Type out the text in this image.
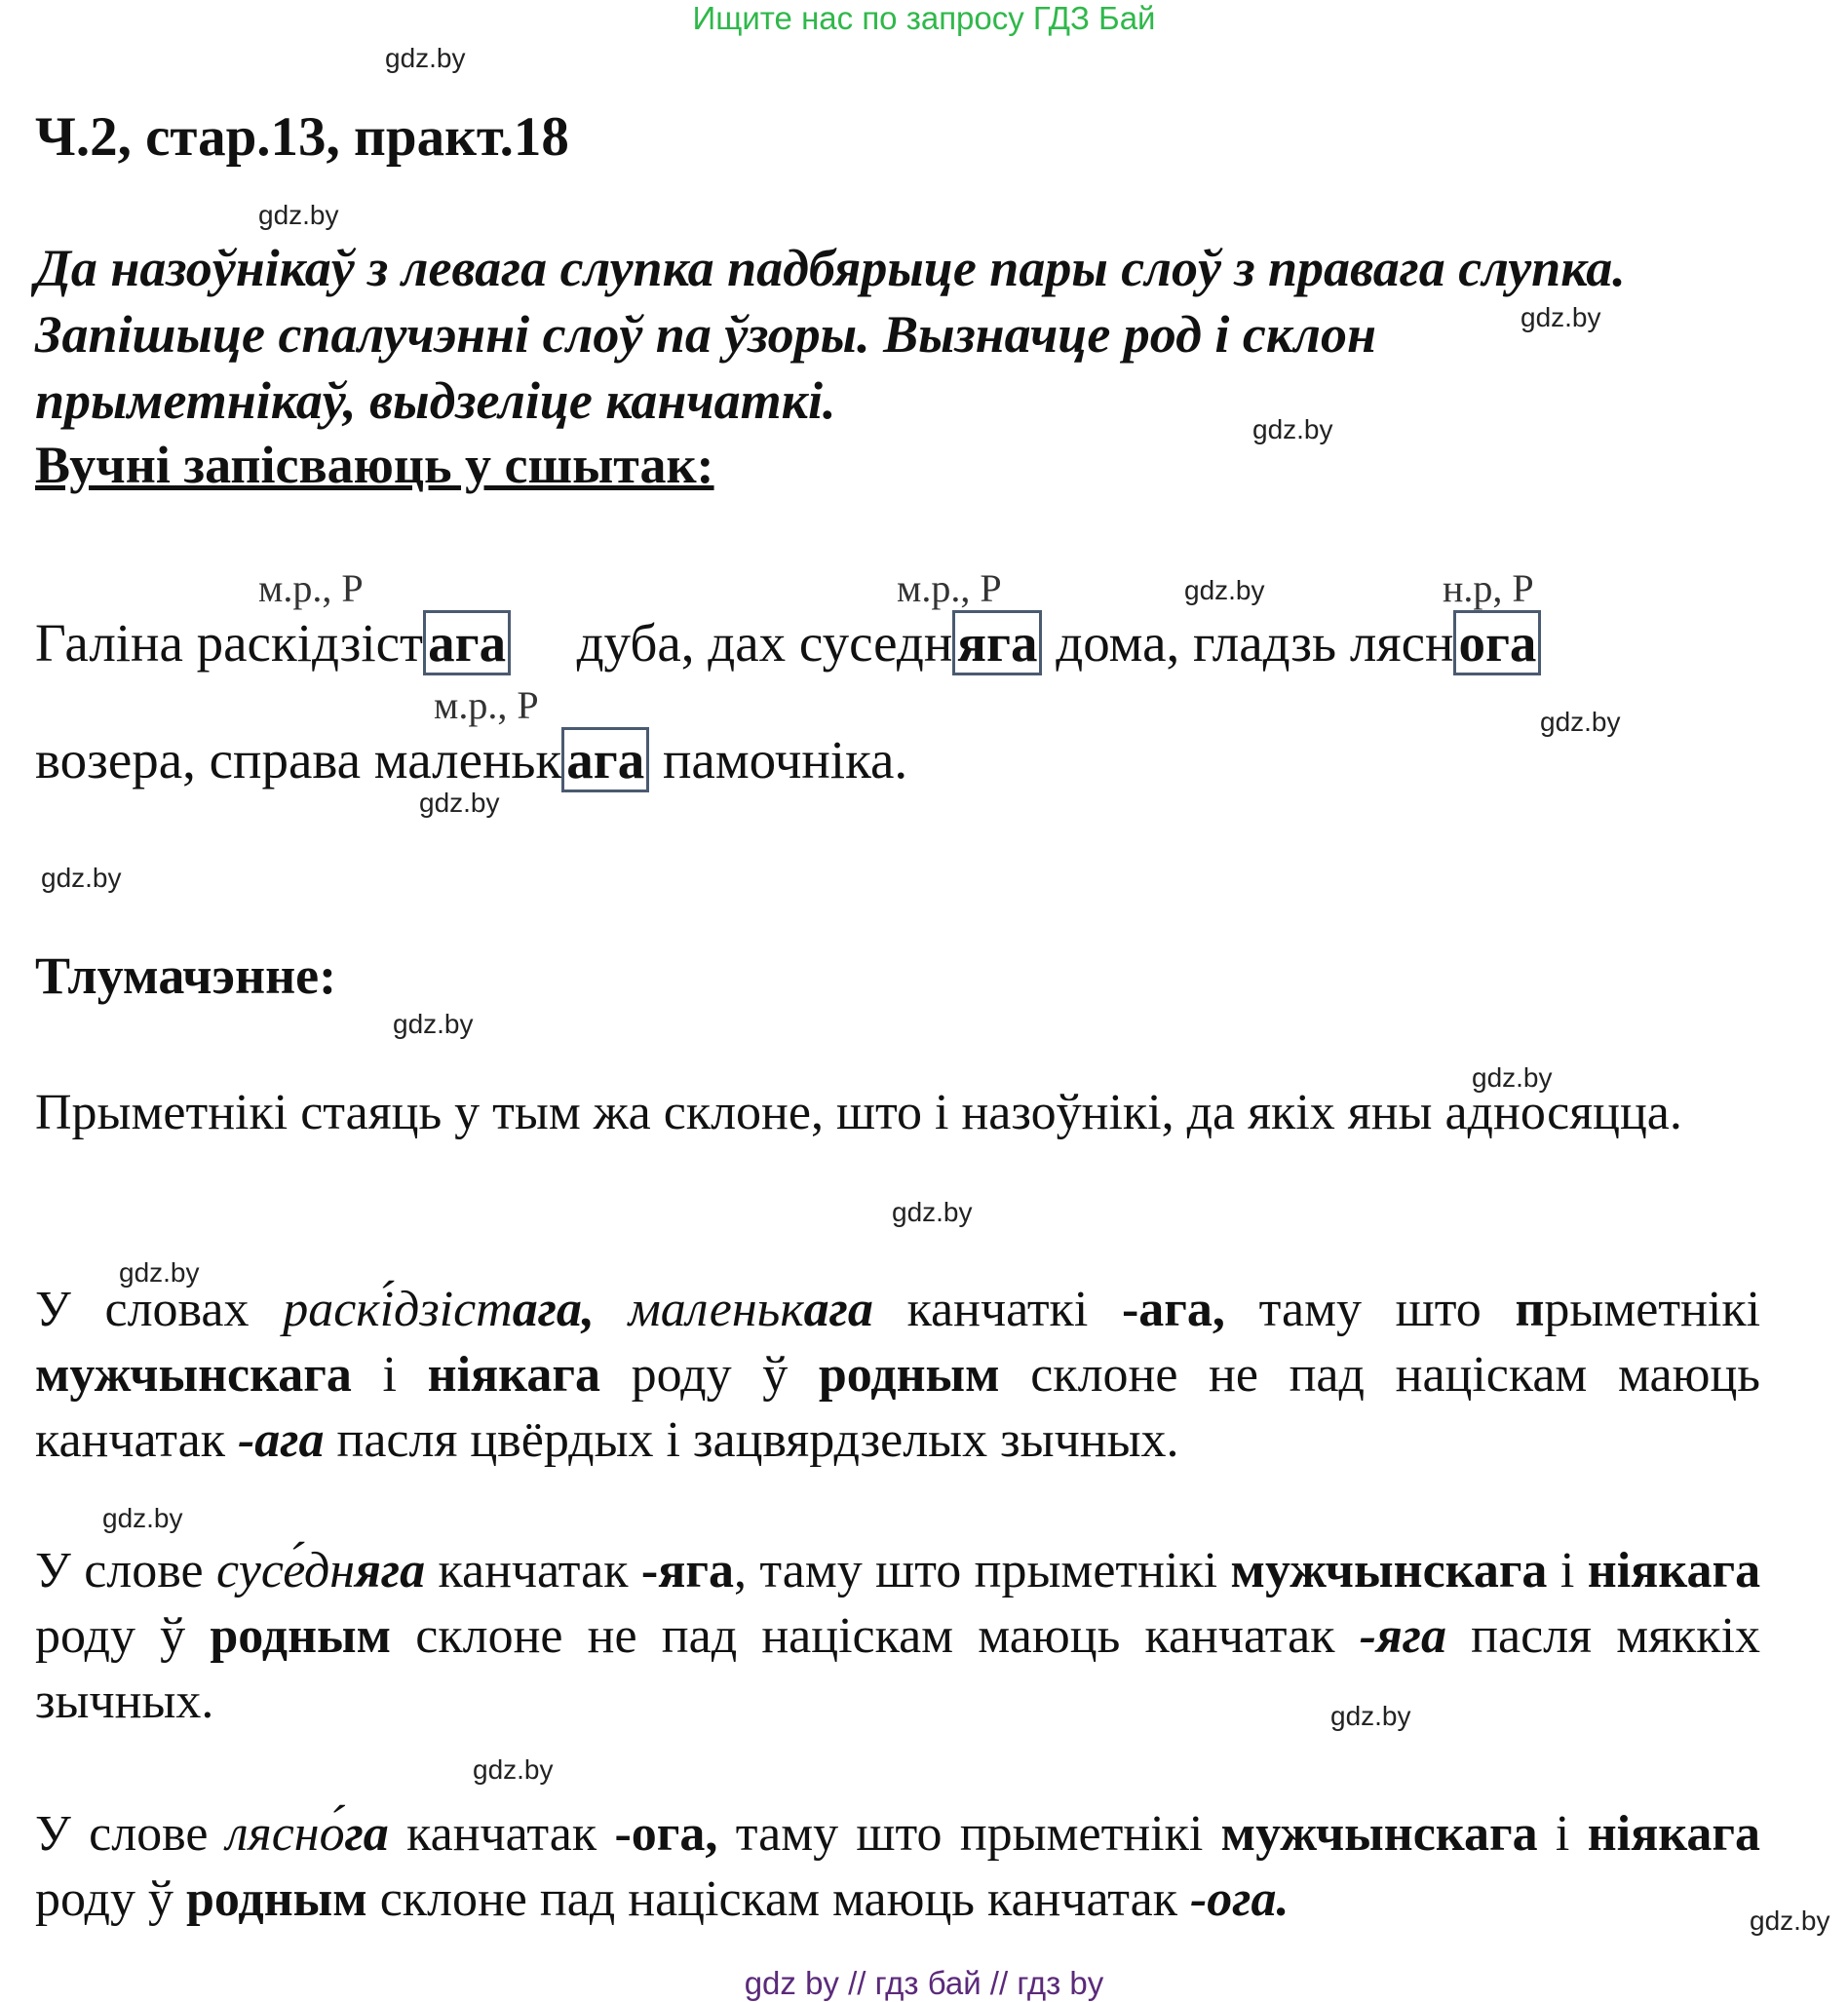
Ищите нас по запросу ГДЗ Бай
gdz.by
gdz.by
gdz.by
gdz.by
gdz.by
gdz.by
gdz.by
gdz.by
gdz.by
gdz.by
gdz.by
gdz.by
gdz.by
gdz.by
gdz.by
gdz.by
Ч.2, стар.13, практ.18
Да назоўнікаў з левага слупка падбярыце пары слоў з правага слупка.
Запішыце спалучэнні слоў па ўзоры. Вызначце род і склон
прыметнікаў, выдзеліце канчаткі.
Вучні запісваюць у сшытак:
м.р., Р	м.р., Р	н.р, Р
м.р., Р
Галіна раскідзістага дуба, дах суседняга дома, гладзь ляснога
возера, справа маленькага памочніка.
Тлумачэнне:
Прыметнікі стаяць у тым жа склоне, што і назоўнікі, да якіх яны адносяцца.
У словах раскі́дзістага, маленькага канчаткі -ага, таму што прыметнікі мужчынскага і ніякага роду ў родным склоне не пад націскам маюць канчатак -ага пасля цвёрдых і зацвярдзелых зычных.
У слове сусе́дняга канчатак -яга, таму што прыметнікі мужчынскага і ніякага роду ў родным склоне не пад націскам маюць канчатак -яга пасля мяккіх зычных.
У слове лясно́га канчатак -ога, таму што прыметнікі мужчынскага і ніякага роду ў родным склоне пад націскам маюць канчатак -ога.
gdz by // гдз бай // гдз by
